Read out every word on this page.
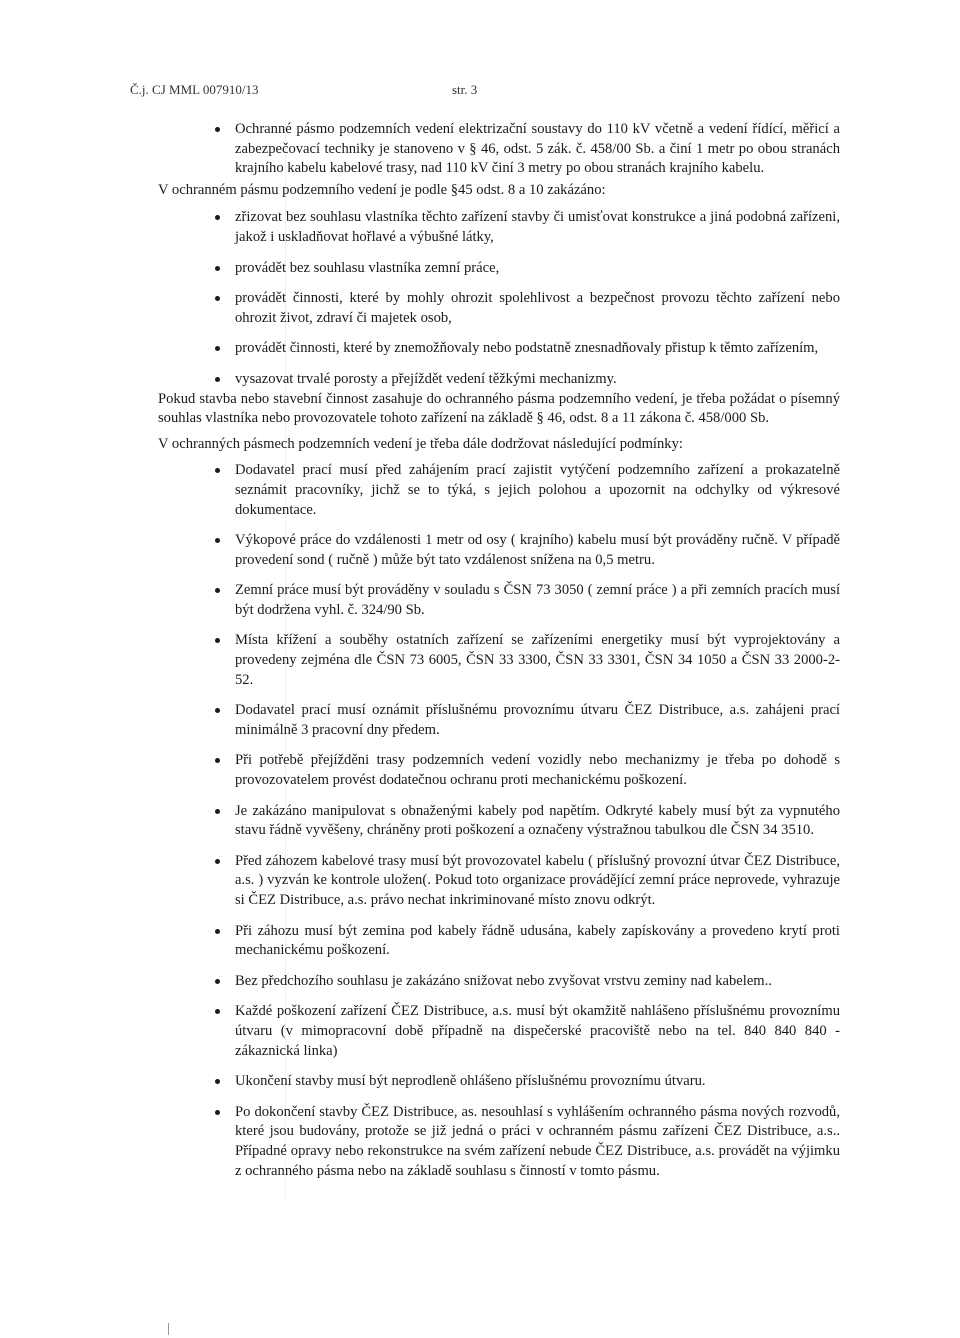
Č.j. CJ MML 007910/13	str. 3
Ochranné pásmo podzemních vedení elektrizační soustavy do 110 kV včetně a vedení řídící, měřicí a zabezpečovací techniky je stanoveno v § 46, odst. 5 zák. č. 458/00 Sb. a činí 1 metr po obou stranách krajního kabelu kabelové trasy, nad 110 kV činí 3 metry po obou stranách krajního kabelu.

V ochranném pásmu podzemního vedení je podle §45 odst. 8 a 10 zakázáno:

zřizovat bez souhlasu vlastníka těchto zařízení stavby či umisťovat konstrukce a jiná podobná zařízeni, jakož i uskladňovat hořlavé a výbušné látky,
provádět bez souhlasu vlastníka zemní práce,
provádět činnosti, které by mohly ohrozit spolehlivost a bezpečnost provozu těchto zařízení nebo ohrozit život, zdraví či majetek osob,
provádět činnosti, které by znemožňovaly nebo podstatně znesnadňovaly přistup k těmto zařízením,
vysazovat trvalé porosty a přejíždět vedení těžkými mechanizmy.

Pokud stavba nebo stavební činnost zasahuje do ochranného pásma podzemního vedení, je třeba požádat o písemný souhlas vlastníka nebo provozovatele tohoto zařízení na základě § 46, odst. 8 a 11 zákona č. 458/000 Sb.

V ochranných pásmech podzemních vedení je třeba dále dodržovat následující podmínky:

Dodavatel prací musí před zahájením prací zajistit vytýčení podzemního zařízení a prokazatelně seznámit pracovníky, jichž se to týká, s jejich polohou a upozornit na odchylky od výkresové dokumentace.
Výkopové práce do vzdálenosti 1 metr od osy ( krajního) kabelu musí být prováděny ručně. V případě provedení sond ( ručně ) může být tato vzdálenost snížena na 0,5 metru.
Zemní práce musí být prováděny v souladu s ČSN 73 3050 ( zemní práce ) a při zemních pracích musí být dodržena vyhl. č. 324/90 Sb.
Místa křížení a souběhy ostatních zařízení se zařízeními energetiky musí být vyprojektovány a provedeny zejména dle ČSN 73 6005, ČSN 33 3300, ČSN 33 3301, ČSN 34 1050 a ČSN 33 2000-2-52.
Dodavatel prací musí oznámit příslušnému provoznímu útvaru ČEZ Distribuce, a.s. zahájeni prací minimálně 3 pracovní dny předem.
Při potřebě přejížděni trasy podzemních vedení vozidly nebo mechanizmy je třeba po dohodě s provozovatelem provést dodatečnou ochranu proti mechanickému poškození.
Je zakázáno manipulovat s obnaženými kabely pod napětím. Odkryté kabely musí být za vypnutého stavu řádně vyvěšeny, chráněny proti poškození a označeny výstražnou tabulkou dle ČSN 34 3510.
Před záhozem kabelové trasy musí být provozovatel kabelu ( příslušný provozní útvar ČEZ Distribuce, a.s. ) vyzván ke kontrole uložen(. Pokud toto organizace provádějící zemní práce neprovede, vyhrazuje si ČEZ Distribuce, a.s. právo nechat inkriminované místo znovu odkrýt.
Při záhozu musí být zemina pod kabely řádně udusána, kabely zapískovány a provedeno krytí proti mechanickému poškození.
Bez předchozího souhlasu je zakázáno snižovat nebo zvyšovat vrstvu zeminy nad kabelem..
Každé poškození zařízení ČEZ Distribuce, a.s. musí být okamžitě nahlášeno příslušnému provoznímu útvaru (v mimopracovní době případně na dispečerské pracoviště nebo na tel. 840 840 840 - zákaznická linka)
Ukončení stavby musí být neprodleně ohlášeno příslušnému provoznímu útvaru.
Po dokončení stavby ČEZ Distribuce, as. nesouhlasí s vyhlášením ochranného pásma nových rozvodů, které jsou budovány, protože se již jedná o práci v ochranném pásmu zařízeni ČEZ Distribuce, a.s.. Případné opravy nebo rekonstrukce na svém zařízení nebude ČEZ Distribuce, a.s. provádět na výjimku z ochranného pásma nebo na základě souhlasu s činností v tomto pásmu.
